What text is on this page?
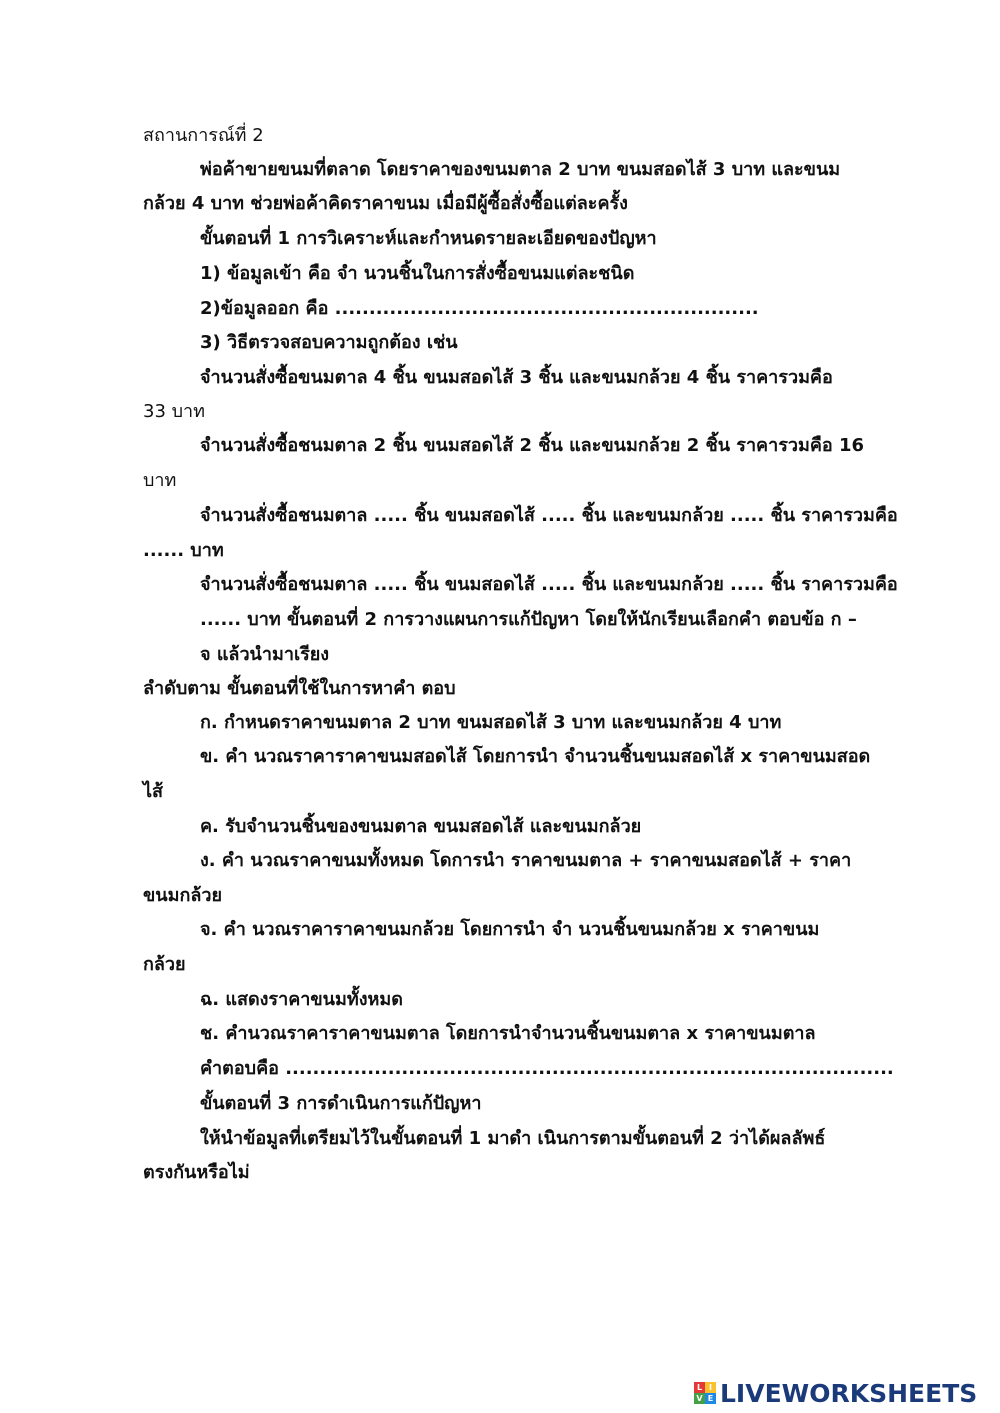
สถานการณ์ที่ 2
พ่อค้าขายขนมที่ตลาด โดยราคาของขนมตาล 2 บาท ขนมสอดไส้ 3 บาท และขนม
กล้วย 4 บาท ช่วยพ่อค้าคิดราคาขนม เมื่อมีผู้ซื้อสั่งซื้อแต่ละครั้ง
ขั้นตอนที่ 1 การวิเคราะห์และกำหนดรายละเอียดของปัญหา
1) ข้อมูลเข้า คือ จำ นวนชิ้นในการสั่งซื้อขนมแต่ละชนิด
2)ข้อมูลออก คือ ..............................................................
3) วิธีตรวจสอบความถูกต้อง เช่น
จำนวนสั่งซื้อขนมตาล 4 ชิ้น ขนมสอดไส้ 3 ชิ้น และขนมกล้วย 4 ชิ้น ราคารวมคือ
33 บาท
จำนวนสั่งซื้อชนมตาล 2 ชิ้น ขนมสอดไส้ 2 ชิ้น และขนมกล้วย 2 ชิ้น ราคารวมคือ 16
บาท
จำนวนสั่งซื้อชนมตาล ..... ชิ้น ขนมสอดไส้ ..... ชิ้น และขนมกล้วย ..... ชิ้น ราคารวมคือ
...... บาท
จำนวนสั่งซื้อชนมตาล ..... ชิ้น ขนมสอดไส้ ..... ชิ้น และขนมกล้วย ..... ชิ้น ราคารวมคือ
...... บาท ขั้นตอนที่ 2 การวางแผนการแก้ปัญหา โดยให้นักเรียนเลือกคำ ตอบข้อ ก –
จ แล้วนำมาเรียง
ลำดับตาม ขั้นตอนที่ใช้ในการหาคำ ตอบ
ก. กำหนดราคาขนมตาล 2 บาท ขนมสอดไส้ 3 บาท และขนมกล้วย 4 บาท
ข. คำ นวณราคาราคาขนมสอดไส้ โดยการนำ จำนวนชิ้นขนมสอดไส้ x ราคาขนมสอด
ไส้
ค. รับจำนวนชิ้นของขนมตาล ขนมสอดไส้ และขนมกล้วย
ง. คำ นวณราคาขนมทั้งหมด โดการนำ ราคาขนมตาล + ราคาขนมสอดไส้ + ราคา
ขนมกล้วย
จ. คำ นวณราคาราคาขนมกล้วย โดยการนำ จำ นวนชิ้นขนมกล้วย x ราคาขนม
กล้วย
ฉ. แสดงราคาขนมทั้งหมด
ช. คำนวณราคาราคาขนมตาล โดยการนำจำนวนชิ้นขนมตาล x ราคาขนมตาล
คำตอบคือ .........................................................................................
ขั้นตอนที่ 3 การดำเนินการแก้ปัญหา
ให้นำข้อมูลที่เตรียมไว้ในขั้นตอนที่ 1 มาดำ เนินการตามขั้นตอนที่ 2 ว่าได้ผลลัพธ์
ตรงกันหรือไม่
L I
V E LIVEWORKSHEETS
